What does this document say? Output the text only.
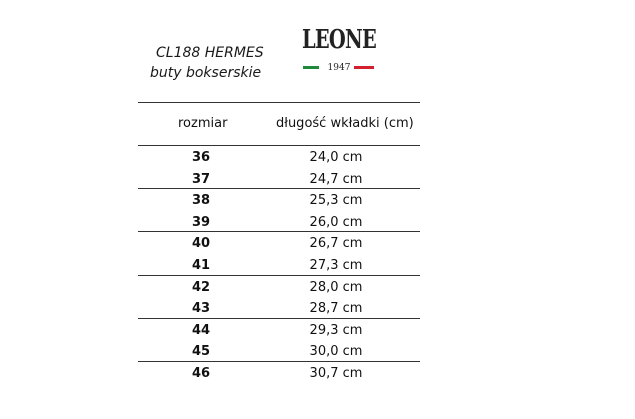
CL188 HERMES
buty bokserskie
LEONE
1947
rozmiar	długość wkładki (cm)
36	24,0 cm
37	24,7 cm
38	25,3 cm
39	26,0 cm
40	26,7 cm
41	27,3 cm
42	28,0 cm
43	28,7 cm
44	29,3 cm
45	30,0 cm
46	30,7 cm
